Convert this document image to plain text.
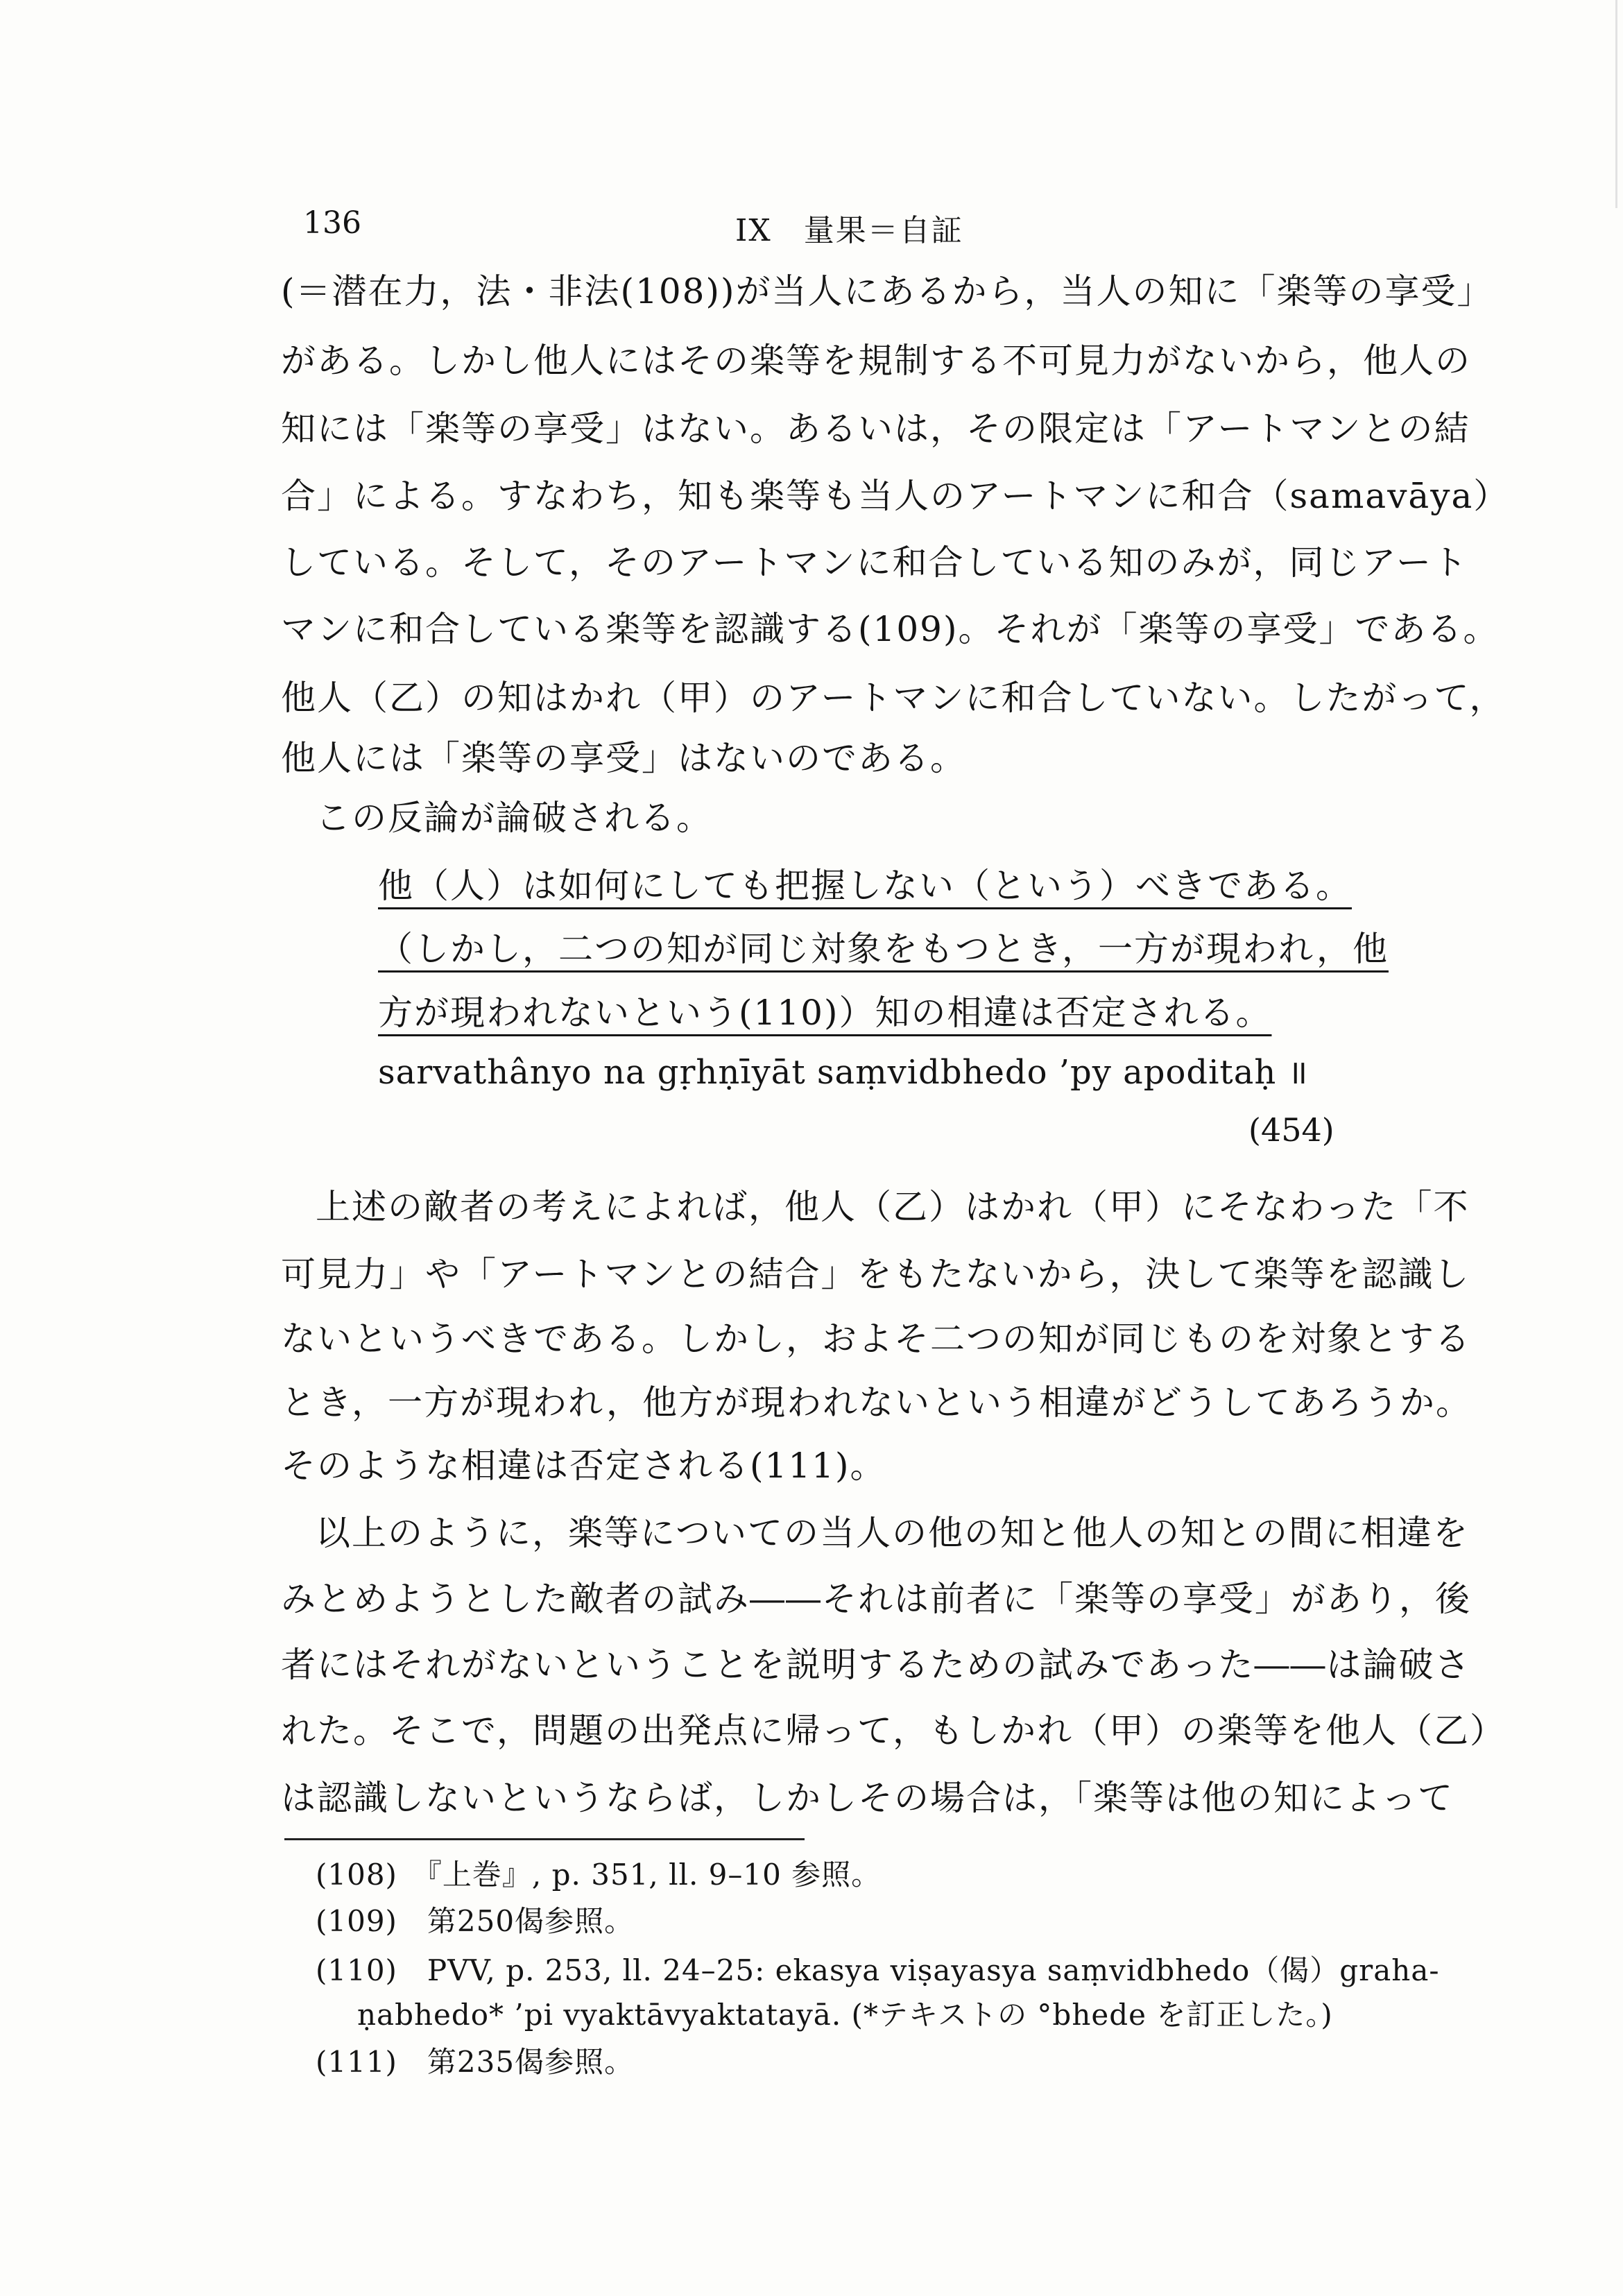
136	IX　量果＝自証
(＝潜在力，法・非法(108))が当人にあるから，当人の知に「楽等の享受」
がある。しかし他人にはその楽等を規制する不可見力がないから，他人の
知には「楽等の享受」はない。あるいは，その限定は「アートマンとの結
合」による。すなわち，知も楽等も当人のアートマンに和合（samavāya）
している。そして，そのアートマンに和合している知のみが，同じアート
マンに和合している楽等を認識する(109)。それが「楽等の享受」である。
他人（乙）の知はかれ（甲）のアートマンに和合していない。したがって，
他人には「楽等の享受」はないのである。
この反論が論破される。
他（人）は如何にしても把握しない（という）べきである。
（しかし，二つの知が同じ対象をもつとき，一方が現われ，他
方が現われないという(110)）知の相違は否定される。
sarvathânyo na gṛhṇīyāt saṃvidbhedo ’py apoditaḥ ॥
(454)
上述の敵者の考えによれば，他人（乙）はかれ（甲）にそなわった「不
可見力」や「アートマンとの結合」をもたないから，決して楽等を認識し
ないというべきである。しかし，およそ二つの知が同じものを対象とする
とき，一方が現われ，他方が現われないという相違がどうしてあろうか。
そのような相違は否定される(111)。
以上のように，楽等についての当人の他の知と他人の知との間に相違を
みとめようとした敵者の試み――それは前者に「楽等の享受」があり，後
者にはそれがないということを説明するための試みであった――は論破さ
れた。そこで，問題の出発点に帰って，もしかれ（甲）の楽等を他人（乙）
は認識しないというならば，しかしその場合は，「楽等は他の知によって
(108)　『上巻』, p. 351, ll. 9–10 参照。
(109)　第250偈参照。
(110)　PVV, p. 253, ll. 24–25: ekasya viṣayasya saṃvidbhedo（偈）graha-
ṇabhedo* ’pi vyaktāvyaktatayā. (*テキストの °bhede を訂正した。)
(111)　第235偈参照。
